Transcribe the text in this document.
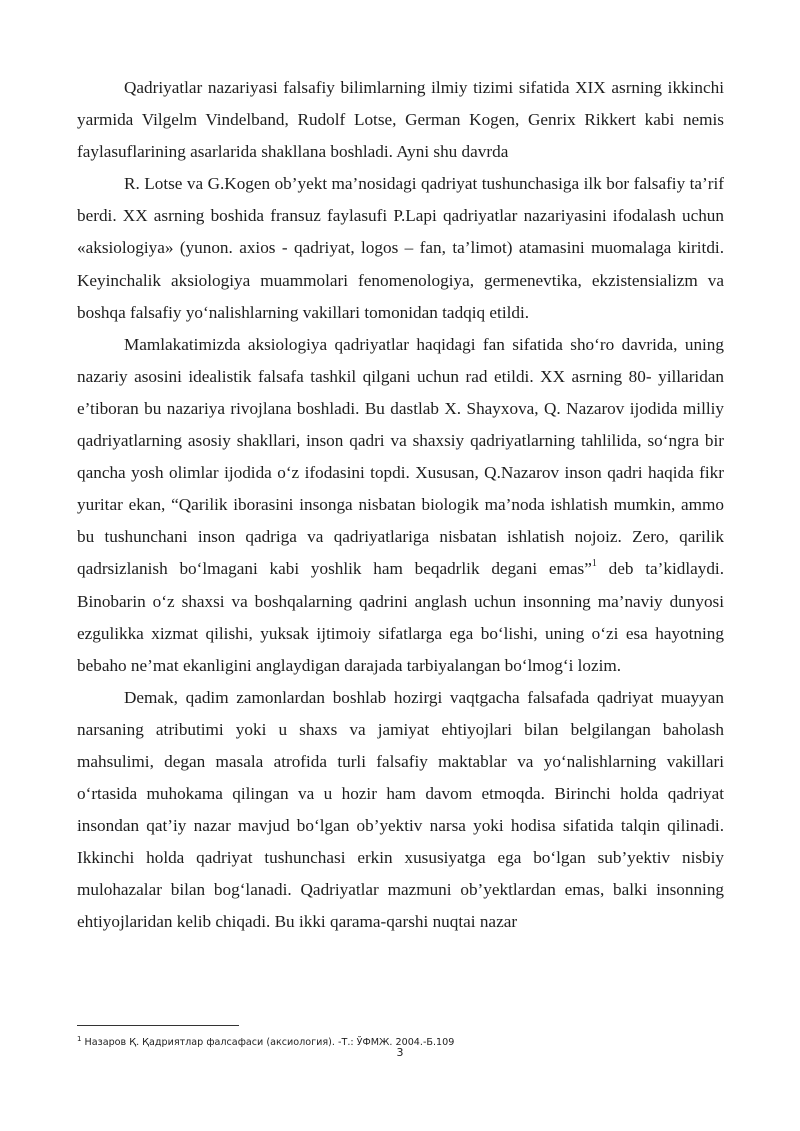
Qadriyatlar nazariyasi falsafiy bilimlarning ilmiy tizimi sifatida XIX asrning ikkinchi yarmida Vilgelm Vindelband, Rudolf Lotse, German Kogen, Genrix Rikkert kabi nemis faylasuflarining asarlarida shakllana boshladi. Ayni shu davrda

R. Lotse va G.Kogen ob’yekt ma’nosidagi qadriyat tushunchasiga ilk bor falsafiy ta’rif berdi. XX asrning boshida fransuz faylasufi P.Lapi qadriyatlar nazariyasini ifodalash uchun «aksiologiya» (yunon. axios - qadriyat, logos – fan, ta’limot) atamasini muomalaga kiritdi. Keyinchalik aksiologiya muammolari fenomenologiya, germenevtika, ekzistensializm va boshqa falsafiy yo‘nalishlarning vakillari tomonidan tadqiq etildi.

Mamlakatimizda aksiologiya qadriyatlar haqidagi fan sifatida sho‘ro davrida, uning nazariy asosini idealistik falsafa tashkil qilgani uchun rad etildi. XX asrning 80- yillaridan e’tiboran bu nazariya rivojlana boshladi. Bu dastlab X. Shayxova, Q. Nazarov ijodida milliy qadriyatlarning asosiy shakllari, inson qadri va shaxsiy qadriyatlarning tahlilida, so‘ngra bir qancha yosh olimlar ijodida o‘z ifodasini topdi. Xususan, Q.Nazarov inson qadri haqida fikr yuritar ekan, “Qarilik iborasini insonga nisbatan biologik ma’noda ishlatish mumkin, ammo bu tushunchani inson qadriga va qadriyatlariga nisbatan ishlatish nojoiz. Zero, qarilik qadrsizlanish bo‘lmagani kabi yoshlik ham beqadrlik degani emas”$^1$ deb ta’kidlaydi. Binobarin o‘z shaxsi va boshqalarning qadrini anglash uchun insonning ma’naviy dunyosi ezgulikka xizmat qilishi, yuksak ijtimoiy sifatlarga ega bo‘lishi, uning o‘zi esa hayotning bebaho ne’mat ekanligini anglaydigan darajada tarbiyalangan bo‘lmog‘i lozim.

Demak, qadim zamonlardan boshlab hozirgi vaqtgacha falsafada qadriyat muayyan narsaning atributimi yoki u shaxs va jamiyat ehtiyojlari bilan belgilangan baholash mahsulimi, degan masala atrofida turli falsafiy maktablar va yo‘nalishlarning vakillari o‘rtasida muhokama qilingan va u hozir ham davom etmoqda. Birinchi holda qadriyat insondan qat’iy nazar mavjud bo‘lgan ob’yektiv narsa yoki hodisa sifatida talqin qilinadi. Ikkinchi holda qadriyat tushunchasi erkin xususiyatga ega bo‘lgan sub’yektiv nisbiy mulohazalar bilan bog‘lanadi. Qadriyatlar mazmuni ob’yektlardan emas, balki insonning ehtiyojlaridan kelib chiqadi. Bu ikki qarama-qarshi nuqtai nazar

$^1$ Назаров Қ. Қадриятлар фалсафаси (аксиология). -Т.: ЎФМЖ. 2004.-Б.109
3
